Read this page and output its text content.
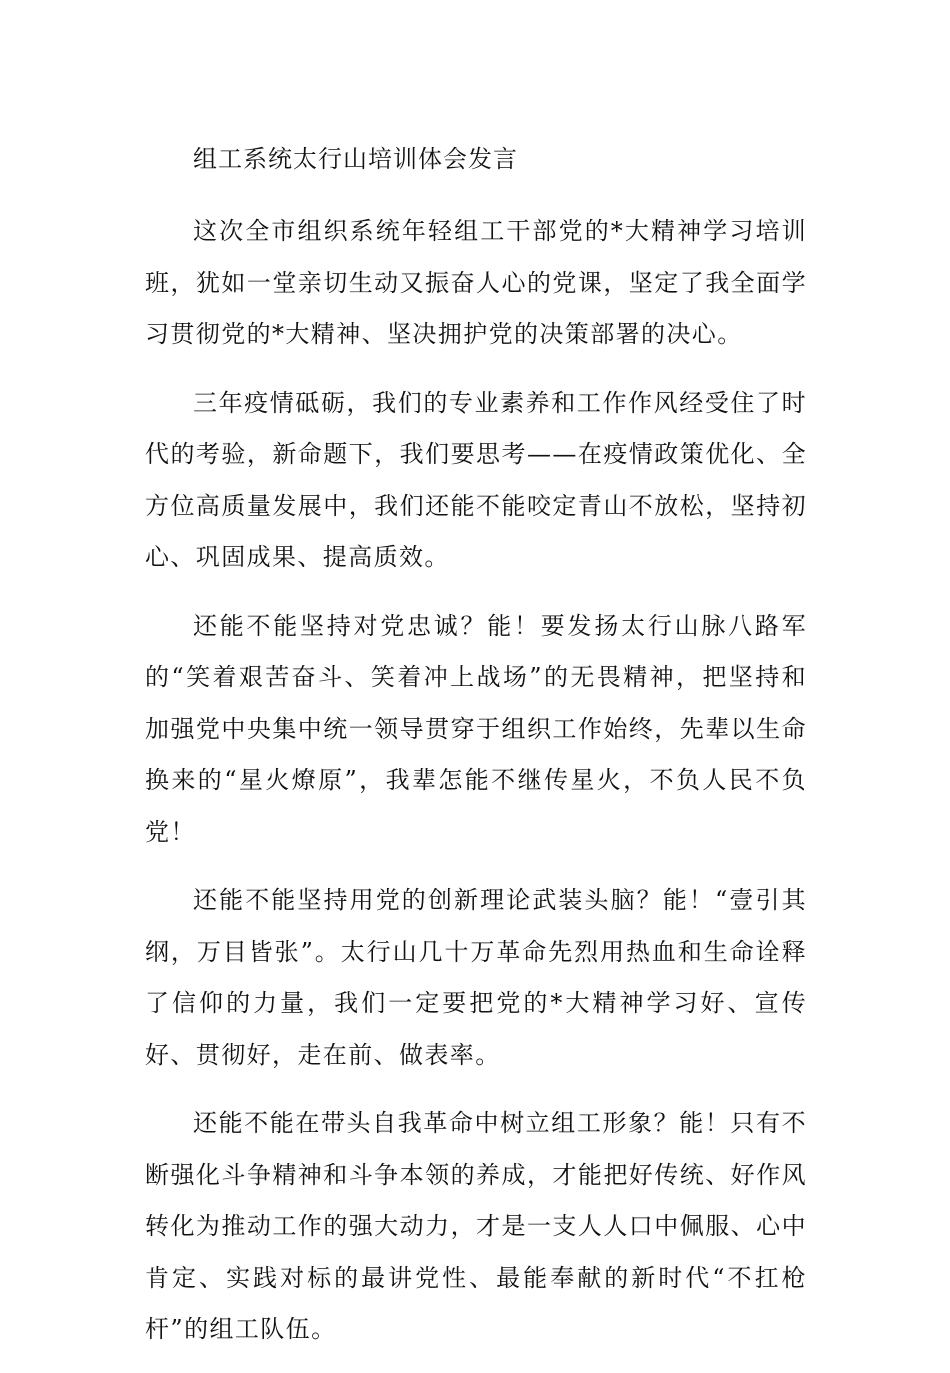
组工系统太行山培训体会发言

这次全市组织系统年轻组工干部党的*大精神学习培训班，犹如一堂亲切生动又振奋人心的党课，坚定了我全面学习贯彻党的*大精神、坚决拥护党的决策部署的决心。

三年疫情砥砺，我们的专业素养和工作作风经受住了时代的考验，新命题下，我们要思考——在疫情政策优化、全方位高质量发展中，我们还能不能咬定青山不放松，坚持初心、巩固成果、提高质效。

还能不能坚持对党忠诚？能！要发扬太行山脉八路军的“笑着艰苦奋斗、笑着冲上战场”的无畏精神，把坚持和加强党中央集中统一领导贯穿于组织工作始终，先辈以生命换来的“星火燎原”，我辈怎能不继传星火，不负人民不负党！

还能不能坚持用党的创新理论武装头脑？能！“壹引其纲，万目皆张”。太行山几十万革命先烈用热血和生命诠释了信仰的力量，我们一定要把党的*大精神学习好、宣传好、贯彻好，走在前、做表率。

还能不能在带头自我革命中树立组工形象？能！只有不断强化斗争精神和斗争本领的养成，才能把好传统、好作风转化为推动工作的强大动力，才是一支人人口中佩服、心中肯定、实践对标的最讲党性、最能奉献的新时代“不扛枪杆”的组工队伍。
